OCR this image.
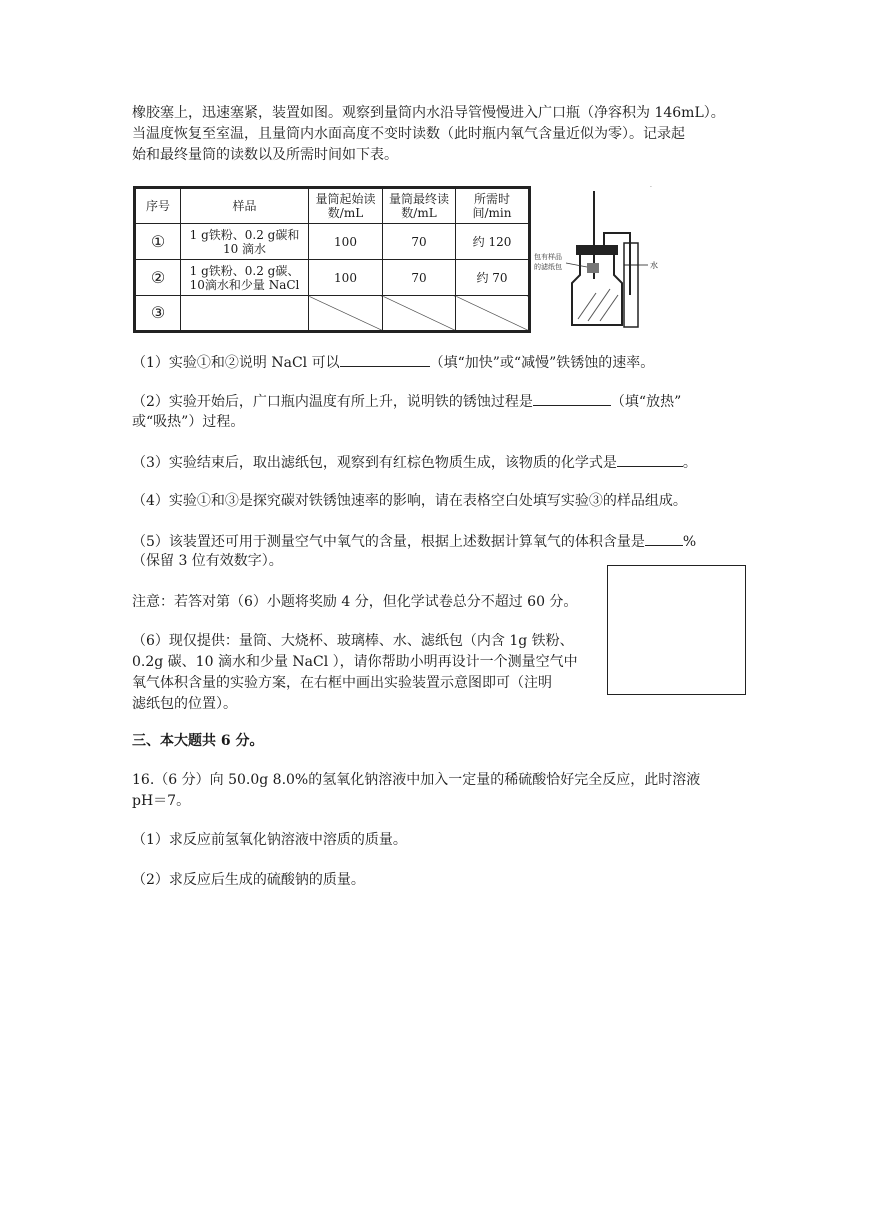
橡胶塞上，迅速塞紧，装置如图。观察到量筒内水沿导管慢慢进入广口瓶（净容积为 146mL）。
当温度恢复至室温，且量筒内水面高度不变时读数（此时瓶内氧气含量近似为零）。记录起
始和最终量筒的读数以及所需时间如下表。
序号	样品	量筒起始读数/mL	量筒最终读数/mL	所需时间/min
①	1 g铁粉、0.2 g碳和
10 滴水	100	70	约 120
②	1 g铁粉、0.2 g碳、
10滴水和少量 NaCl	100	70	约 70
③				
水
包有样品
的滤纸包
·
（1）实验①和②说明 NaCl 可以	（填“加快”或“减慢”铁锈蚀的速率。
（2）实验开始后，广口瓶内温度有所上升，说明铁的锈蚀过程是	（填“放热”
或“吸热”）过程。
（3）实验结束后，取出滤纸包，观察到有红棕色物质生成，该物质的化学式是	。
（4）实验①和③是探究碳对铁锈蚀速率的影响，请在表格空白处填写实验③的样品组成。
（5）该装置还可用于测量空气中氧气的含量，根据上述数据计算氧气的体积含量是	%
（保留 3 位有效数字）。
注意：若答对第（6）小题将奖励 4 分，但化学试卷总分不超过 60 分。
（6）现仅提供：量筒、大烧杯、玻璃棒、水、滤纸包（内含 1g 铁粉、
0.2g 碳、10 滴水和少量 NaCl ），请你帮助小明再设计一个测量空气中
氧气体积含量的实验方案，在右框中画出实验装置示意图即可（注明
滤纸包的位置）。
三、本大题共 6 分。
16.（6 分）向 50.0g 8.0%的氢氧化钠溶液中加入一定量的稀硫酸恰好完全反应，此时溶液
pH＝7。
（1）求反应前氢氧化钠溶液中溶质的质量。
（2）求反应后生成的硫酸钠的质量。
